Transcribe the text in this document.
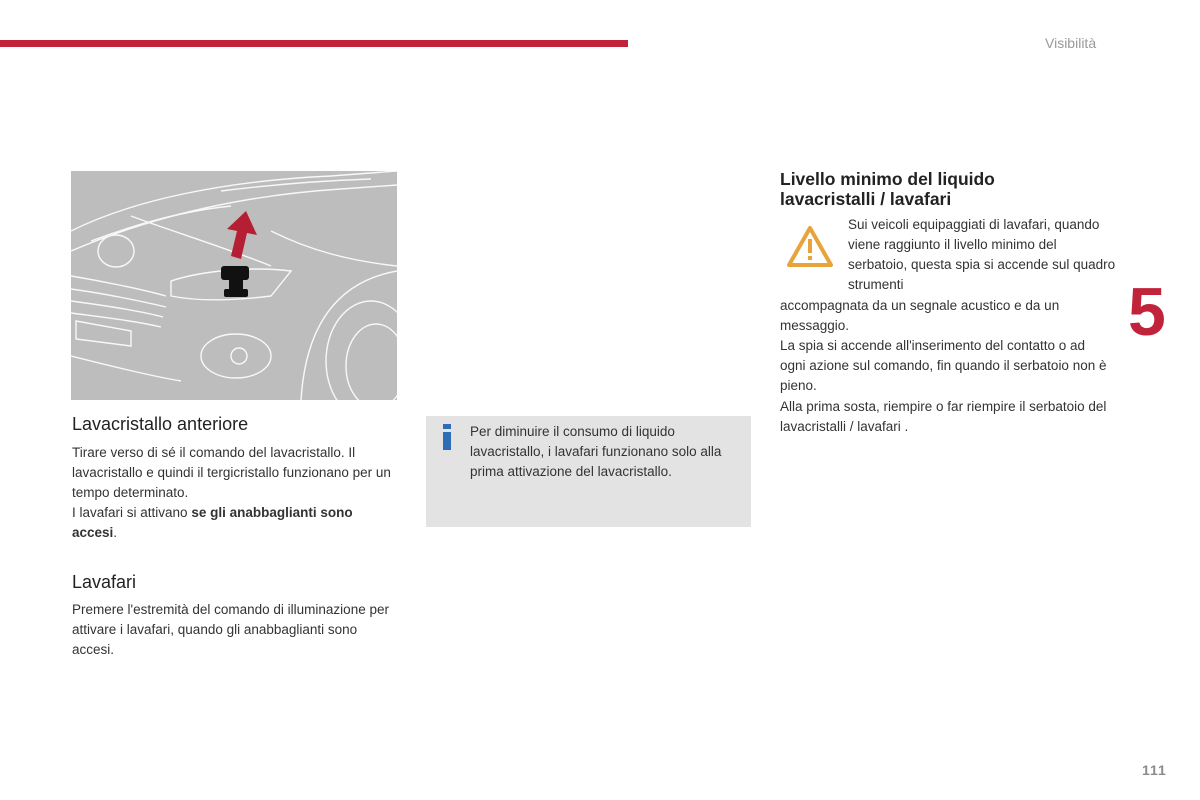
Visibilità
5
111
Lavacristallo anteriore

Tirare verso di sé il comando del lavacristallo. Il lavacristallo e quindi il tergicristallo funzionano per un tempo determinato.

I lavafari si attivano se gli anabbaglianti sono accesi.

Lavafari

Premere l'estremità del comando di illuminazione per attivare i lavafari, quando gli anabbaglianti sono accesi.

Per diminuire il consumo di liquido lavacristallo, i lavafari funzionano solo alla prima attivazione del lavacristallo.

Livello minimo del liquido lavacristalli / lavafari

Sui veicoli equipaggiati di lavafari, quando viene raggiunto il livello minimo del serbatoio, questa spia si accende sul quadro strumenti

accompagnata da un segnale acustico e da un messaggio.

La spia si accende all'inserimento del contatto o ad ogni azione sul comando, fin quando il serbatoio non è pieno.

Alla prima sosta, riempire o far riempire il serbatoio del lavacristalli / lavafari .
